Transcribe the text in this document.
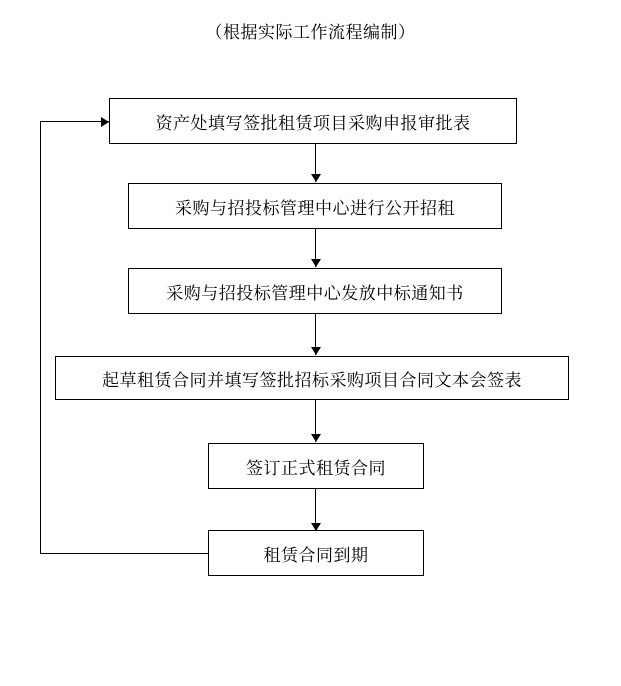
（根据实际工作流程编制）
资产处填写签批租赁项目采购申报审批表
采购与招投标管理中心进行公开招租
采购与招投标管理中心发放中标通知书
起草租赁合同并填写签批招标采购项目合同文本会签表
签订正式租赁合同
租赁合同到期
